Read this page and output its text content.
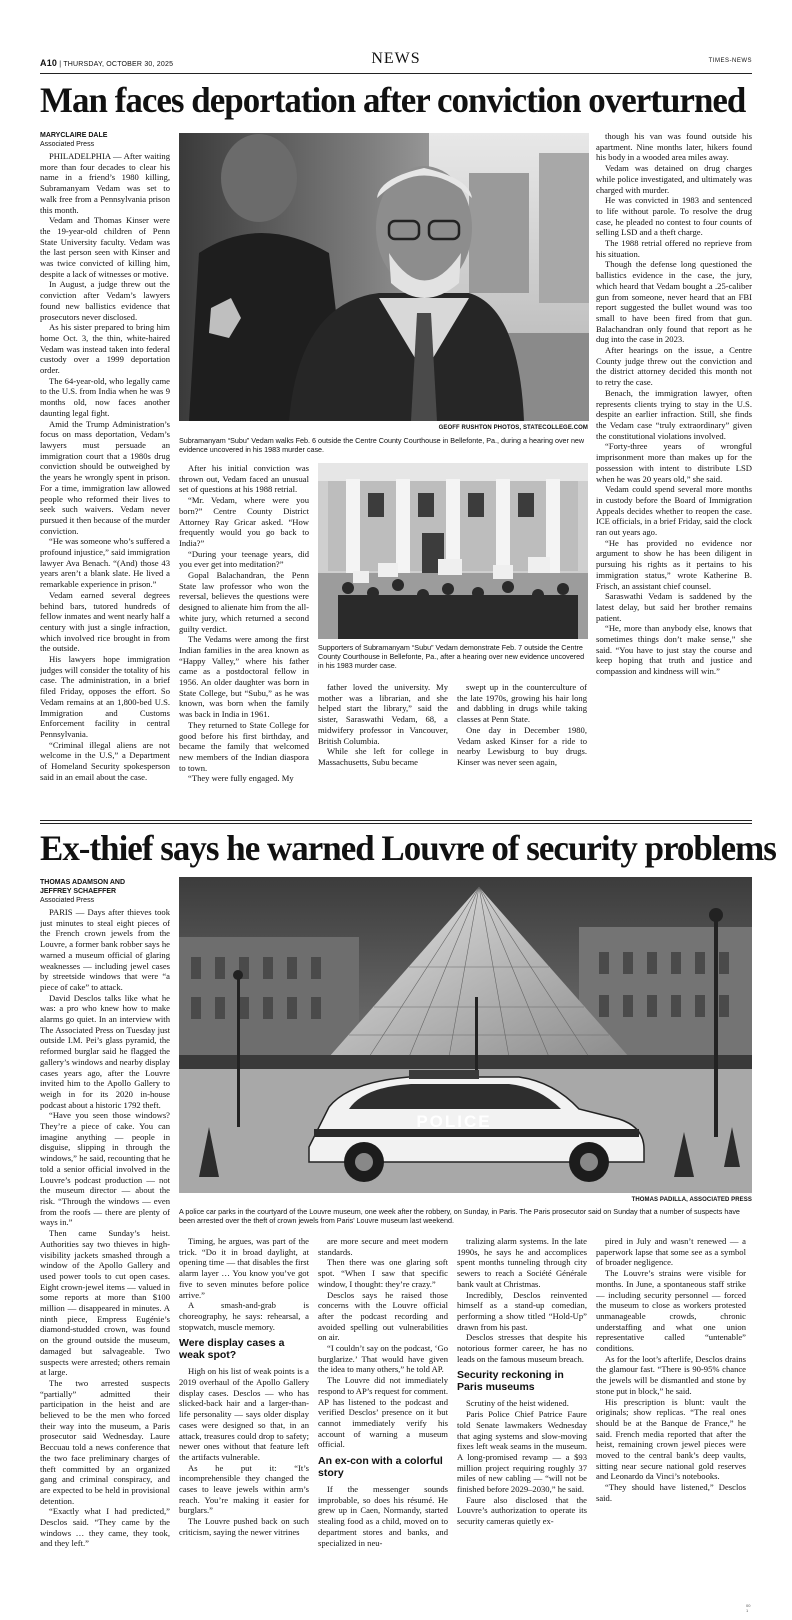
A10 | THURSDAY, OCTOBER 30, 2025	NEWS	TIMES-NEWS
Man faces deportation after conviction overturned
MARYCLAIRE DALE
Associated Press

PHILADELPHIA — After waiting more than four decades to clear his name in a friend’s 1980 killing, Subramanyam Vedam was set to walk free from a Pennsylvania prison this month.

Vedam and Thomas Kinser were the 19-year-old children of Penn State University faculty. Vedam was the last person seen with Kinser and was twice convicted of killing him, despite a lack of witnesses or motive.

In August, a judge threw out the conviction after Vedam’s lawyers found new ballistics evidence that prosecutors never disclosed.

As his sister prepared to bring him home Oct. 3, the thin, white-haired Vedam was instead taken into federal custody over a 1999 deportation order.

The 64-year-old, who legally came to the U.S. from India when he was 9 months old, now faces another daunting legal fight.

Amid the Trump Administration’s focus on mass deportation, Vedam’s lawyers must persuade an immigration court that a 1980s drug conviction should be outweighed by the years he wrongly spent in prison. For a time, immigration law allowed people who reformed their lives to seek such waivers. Vedam never pursued it then because of the murder conviction.

“He was someone who’s suffered a profound injustice,” said immigration lawyer Ava Benach. “(And) those 43 years aren’t a blank slate. He lived a remarkable experience in prison.”

Vedam earned several degrees behind bars, tutored hundreds of fellow inmates and went nearly half a century with just a single infraction, which involved rice brought in from the outside.

His lawyers hope immigration judges will consider the totality of his case. The administration, in a brief filed Friday, opposes the effort. So Vedam remains at an 1,800-bed U.S. Immigration and Customs Enforcement facility in central Pennsylvania.

“Criminal illegal aliens are not welcome in the U.S,” a Department of Homeland Security spokesperson said in an email about the case.

GEOFF RUSHTON PHOTOS, STATECOLLEGE.COM
Subramanyam “Subu” Vedam walks Feb. 6 outside the Centre County Courthouse in Bellefonte, Pa., during a hearing over new evidence uncovered in his 1983 murder case.

After his initial conviction was thrown out, Vedam faced an unusual set of questions at his 1988 retrial.

“Mr. Vedam, where were you born?” Centre County District Attorney Ray Gricar asked. “How frequently would you go back to India?”

“During your teenage years, did you ever get into meditation?”

Gopal Balachandran, the Penn State law professor who won the reversal, believes the questions were designed to alienate him from the all-white jury, which returned a second guilty verdict.

The Vedams were among the first Indian families in the area known as “Happy Valley,” where his father came as a postdoctoral fellow in 1956. An older daughter was born in State College, but “Subu,” as he was known, was born when the family was back in India in 1961.

They returned to State College for good before his first birthday, and became the family that welcomed new members of the Indian diaspora to town.

“They were fully engaged. My

Supporters of Subramanyam “Subu” Vedam demonstrate Feb. 7 outside the Centre County Courthouse in Bellefonte, Pa., after a hearing over new evidence uncovered in his 1983 murder case.

father loved the university. My mother was a librarian, and she helped start the library,” said the sister, Saraswathi Vedam, 68, a midwifery professor in Vancouver, British Columbia.

While she left for college in Massachusetts, Subu became

swept up in the counterculture of the late 1970s, growing his hair long and dabbling in drugs while taking classes at Penn State.

One day in December 1980, Vedam asked Kinser for a ride to nearby Lewisburg to buy drugs. Kinser was never seen again,

though his van was found outside his apartment. Nine months later, hikers found his body in a wooded area miles away.

Vedam was detained on drug charges while police investigated, and ultimately was charged with murder.

He was convicted in 1983 and sentenced to life without parole. To resolve the drug case, he pleaded no contest to four counts of selling LSD and a theft charge.

The 1988 retrial offered no reprieve from his situation.

Though the defense long questioned the ballistics evidence in the case, the jury, which heard that Vedam bought a .25-caliber gun from someone, never heard that an FBI report suggested the bullet wound was too small to have been fired from that gun. Balachandran only found that report as he dug into the case in 2023.

After hearings on the issue, a Centre County judge threw out the conviction and the district attorney decided this month not to retry the case.

Benach, the immigration lawyer, often represents clients trying to stay in the U.S. despite an earlier infraction. Still, she finds the Vedam case “truly extraordinary” given the constitutional violations involved.

“Forty-three years of wrongful imprisonment more than makes up for the possession with intent to distribute LSD when he was 20 years old,” she said.

Vedam could spend several more months in custody before the Board of Immigration Appeals decides whether to reopen the case. ICE officials, in a brief Friday, said the clock ran out years ago.

“He has provided no evidence nor argument to show he has been diligent in pursuing his rights as it pertains to his immigration status,” wrote Katherine B. Frisch, an assistant chief counsel.

Saraswathi Vedam is saddened by the latest delay, but said her brother remains patient.

“He, more than anybody else, knows that sometimes things don’t make sense,” she said. “You have to just stay the course and keep hoping that truth and justice and compassion and kindness will win.”

Ex-thief says he warned Louvre of security problems
THOMAS ADAMSON AND
JEFFREY SCHAEFFER
Associated Press

PARIS — Days after thieves took just minutes to steal eight pieces of the French crown jewels from the Louvre, a former bank robber says he warned a museum official of glaring weaknesses — including jewel cases by streetside windows that were “a piece of cake” to attack.

David Desclos talks like what he was: a pro who knew how to make alarms go quiet. In an interview with The Associated Press on Tuesday just outside I.M. Pei’s glass pyramid, the reformed burglar said he flagged the gallery’s windows and nearby display cases years ago, after the Louvre invited him to the Apollo Gallery to weigh in for its 2020 in-house podcast about a historic 1792 theft.

“Have you seen those windows? They’re a piece of cake. You can imagine anything — people in disguise, slipping in through the windows,” he said, recounting that he told a senior official involved in the Louvre’s podcast production — not the museum director — about the risk. “Through the windows — even from the roofs — there are plenty of ways in.”

Then came Sunday’s heist. Authorities say two thieves in high-visibility jackets smashed through a window of the Apollo Gallery and used power tools to cut open cases. Eight crown-jewel items — valued in some reports at more than $100 million — disappeared in minutes. A ninth piece, Empress Eugénie’s diamond-studded crown, was found on the ground outside the museum, damaged but salvageable. Two suspects were arrested; others remain at large.

The two arrested suspects “partially” admitted their participation in the heist and are believed to be the men who forced their way into the museum, a Paris prosecutor said Wednesday. Laure Beccuau told a news conference that the two face preliminary charges of theft committed by an organized gang and criminal conspiracy, and are expected to be held in provisional detention.

“Exactly what I had predicted,” Desclos said. “They came by the windows … they came, they took, and they left.”

POLICE
THOMAS PADILLA, ASSOCIATED PRESS
A police car parks in the courtyard of the Louvre museum, one week after the robbery, on Sunday, in Paris. The Paris prosecutor said on Sunday that a number of suspects have been arrested over the theft of crown jewels from Paris’ Louvre museum last weekend.

Timing, he argues, was part of the trick. “Do it in broad daylight, at opening time — that disables the first alarm layer … You know you’ve got five to seven minutes before police arrive.”

A smash-and-grab is choreography, he says: rehearsal, a stopwatch, muscle memory.

Were display cases a weak spot?

High on his list of weak points is a 2019 overhaul of the Apollo Gallery display cases. Desclos — who has slicked-back hair and a larger-than-life personality — says older display cases were designed so that, in an attack, treasures could drop to safety; newer ones without that feature left the artifacts vulnerable.

As he put it: “It’s incomprehensible they changed the cases to leave jewels within arm’s reach. You’re making it easier for burglars.”

The Louvre pushed back on such criticism, saying the newer vitrines

are more secure and meet modern standards.

Then there was one glaring soft spot. “When I saw that specific window, I thought: they’re crazy.”

Desclos says he raised those concerns with the Louvre official after the podcast recording and avoided spelling out vulnerabilities on air.

“I couldn’t say on the podcast, ‘Go burglarize.’ That would have given the idea to many others,” he told AP.

The Louvre did not immediately respond to AP’s request for comment. AP has listened to the podcast and verified Desclos’ presence on it but cannot immediately verify his account of warning a museum official.

An ex-con with a colorful story

If the messenger sounds improbable, so does his résumé. He grew up in Caen, Normandy, started stealing food as a child, moved on to department stores and banks, and specialized in neu-

tralizing alarm systems. In the late 1990s, he says he and accomplices spent months tunneling through city sewers to reach a Société Générale bank vault at Christmas.

Incredibly, Desclos reinvented himself as a stand-up comedian, performing a show titled “Hold-Up” drawn from his past.

Desclos stresses that despite his notorious former career, he has no leads on the famous museum breach.

Security reckoning in Paris museums

Scrutiny of the heist widened.

Paris Police Chief Patrice Faure told Senate lawmakers Wednesday that aging systems and slow-moving fixes left weak seams in the museum. A long-promised revamp — a $93 million project requiring roughly 37 miles of new cabling — “will not be finished before 2029–2030,” he said.

Faure also disclosed that the Louvre’s authorization to operate its security cameras quietly ex-

pired in July and wasn’t renewed — a paperwork lapse that some see as a symbol of broader negligence.

The Louvre’s strains were visible for months. In June, a spontaneous staff strike — including security personnel — forced the museum to close as workers protested unmanageable crowds, chronic understaffing and what one union representative called “untenable” conditions.

As for the loot’s afterlife, Desclos drains the glamour fast. “There is 90-95% chance the jewels will be dismantled and stone by stone put in block,” he said.

His prescription is blunt: vault the originals; show replicas. “The real ones should be at the Banque de France,” he said. French media reported that after the heist, remaining crown jewel pieces were moved to the central bank’s deep vaults, sitting near secure national gold reserves and Leonardo da Vinci’s notebooks.

“They should have listened,” Desclos said.

00
1
